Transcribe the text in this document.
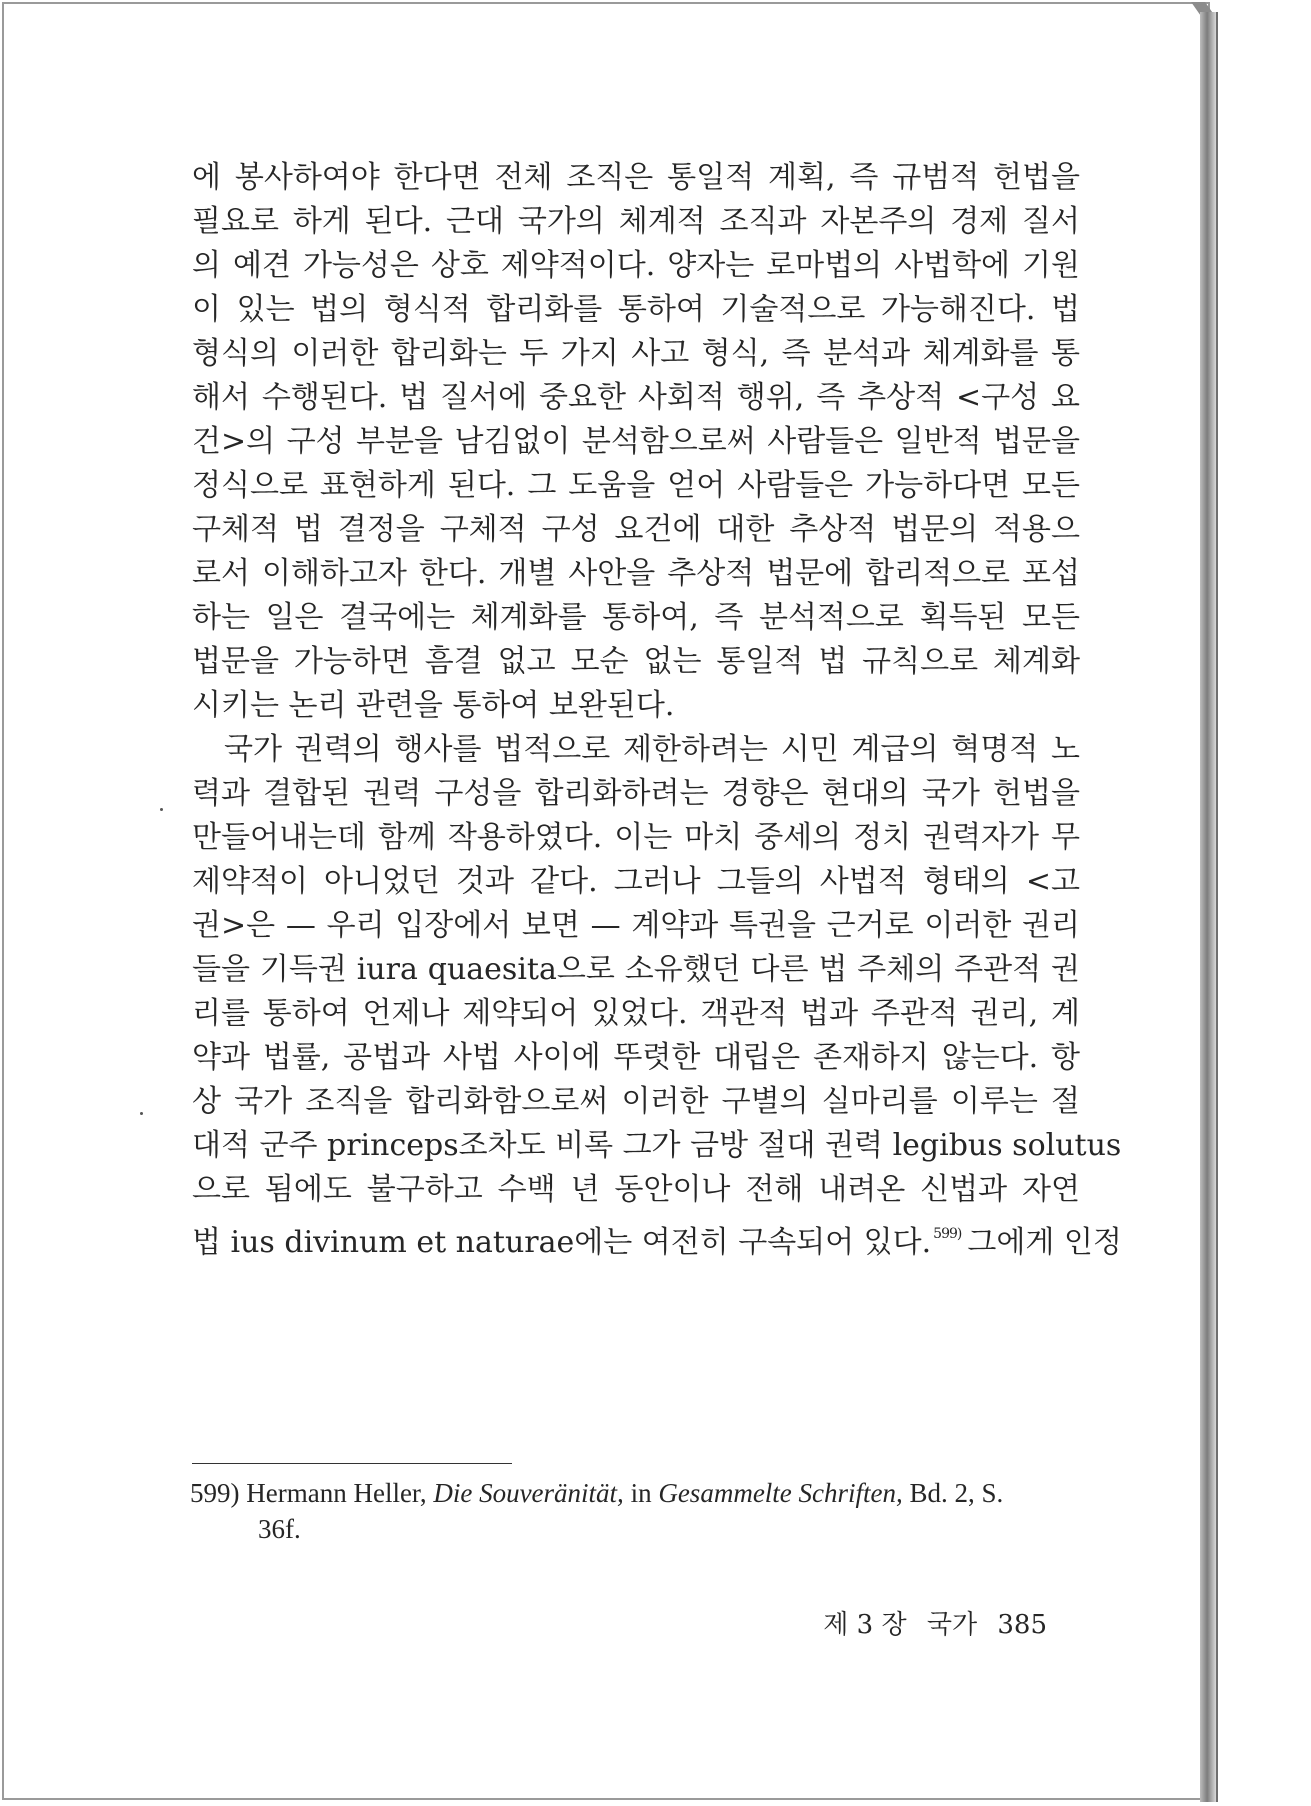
에 봉사하여야 한다면 전체 조직은 통일적 계획, 즉 규범적 헌법을
필요로 하게 된다. 근대 국가의 체계적 조직과 자본주의 경제 질서
의 예견 가능성은 상호 제약적이다. 양자는 로마법의 사법학에 기원
이 있는 법의 형식적 합리화를 통하여 기술적으로 가능해진다. 법
형식의 이러한 합리화는 두 가지 사고 형식, 즉 분석과 체계화를 통
해서 수행된다. 법 질서에 중요한 사회적 행위, 즉 추상적 <구성 요
건>의 구성 부분을 남김없이 분석함으로써 사람들은 일반적 법문을
정식으로 표현하게 된다. 그 도움을 얻어 사람들은 가능하다면 모든
구체적 법 결정을 구체적 구성 요건에 대한 추상적 법문의 적용으
로서 이해하고자 한다. 개별 사안을 추상적 법문에 합리적으로 포섭
하는 일은 결국에는 체계화를 통하여, 즉 분석적으로 획득된 모든
법문을 가능하면 흠결 없고 모순 없는 통일적 법 규칙으로 체계화
시키는 논리 관련을 통하여 보완된다.
국가 권력의 행사를 법적으로 제한하려는 시민 계급의 혁명적 노
력과 결합된 권력 구성을 합리화하려는 경향은 현대의 국가 헌법을
만들어내는데 함께 작용하였다. 이는 마치 중세의 정치 권력자가 무
제약적이 아니었던 것과 같다. 그러나 그들의 사법적 형태의 <고
권>은 — 우리 입장에서 보면 — 계약과 특권을 근거로 이러한 권리
들을 기득권 iura quaesita으로 소유했던 다른 법 주체의 주관적 권
리를 통하여 언제나 제약되어 있었다. 객관적 법과 주관적 권리, 계
약과 법률, 공법과 사법 사이에 뚜렷한 대립은 존재하지 않는다. 항
상 국가 조직을 합리화함으로써 이러한 구별의 실마리를 이루는 절
대적 군주 princeps조차도 비록 그가 금방 절대 권력 legibus solutus
으로 됨에도 불구하고 수백 년 동안이나 전해 내려온 신법과 자연
법 ius divinum et naturae에는 여전히 구속되어 있다. $^{599)}$ 그에게 인정
599) Hermann Heller, Die Souveränität, in Gesammelte Schriften, Bd. 2, S.
36f.
제 3 장 국가 385
